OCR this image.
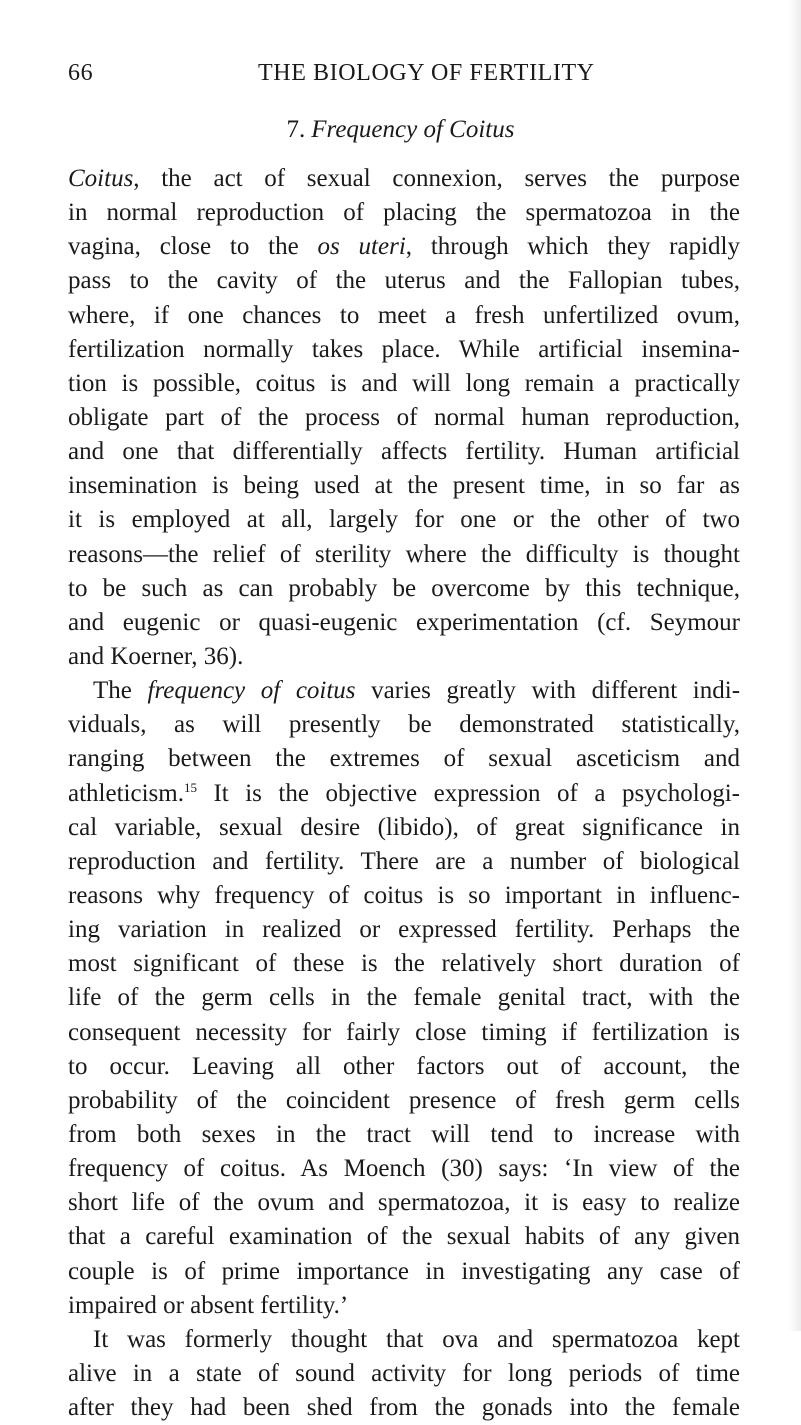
66	THE BIOLOGY OF FERTILITY
7. Frequency of Coitus
Coitus, the act of sexual connexion, serves the purpose
in normal reproduction of placing the spermatozoa in the
vagina, close to the os uteri, through which they rapidly
pass to the cavity of the uterus and the Fallopian tubes,
where, if one chances to meet a fresh unfertilized ovum,
fertilization normally takes place. While artificial insemina-
tion is possible, coitus is and will long remain a practically
obligate part of the process of normal human reproduction,
and one that differentially affects fertility. Human artificial
insemination is being used at the present time, in so far as
it is employed at all, largely for one or the other of two
reasons—the relief of sterility where the difficulty is thought
to be such as can probably be overcome by this technique,
and eugenic or quasi-eugenic experimentation (cf. Seymour
and Koerner, 36).
The frequency of coitus varies greatly with different indi-
viduals, as will presently be demonstrated statistically,
ranging between the extremes of sexual asceticism and
athleticism.$^{15}$ It is the objective expression of a psychologi-
cal variable, sexual desire (libido), of great significance in
reproduction and fertility. There are a number of biological
reasons why frequency of coitus is so important in influenc-
ing variation in realized or expressed fertility. Perhaps the
most significant of these is the relatively short duration of
life of the germ cells in the female genital tract, with the
consequent necessity for fairly close timing if fertilization is
to occur. Leaving all other factors out of account, the
probability of the coincident presence of fresh germ cells
from both sexes in the tract will tend to increase with
frequency of coitus. As Moench (30) says: ‘In view of the
short life of the ovum and spermatozoa, it is easy to realize
that a careful examination of the sexual habits of any given
couple is of prime importance in investigating any case of
impaired or absent fertility.’
It was formerly thought that ova and spermatozoa kept
alive in a state of sound activity for long periods of time
after they had been shed from the gonads into the female
